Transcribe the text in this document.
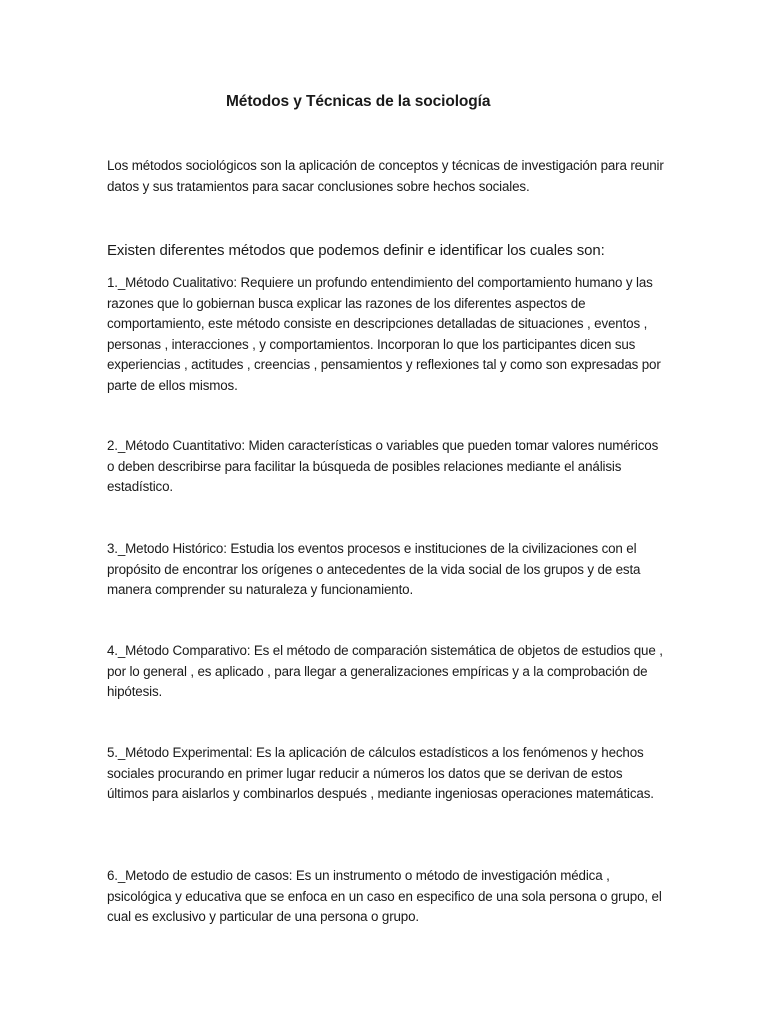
Métodos y Técnicas de la sociología

Los métodos sociológicos son la aplicación de conceptos y técnicas de investigación para reunir datos y sus tratamientos para sacar conclusiones sobre hechos sociales.

Existen diferentes métodos que podemos definir e identificar los cuales son:

1._Método Cualitativo: Requiere un profundo entendimiento del comportamiento humano y las razones que lo gobiernan busca explicar las razones de los diferentes aspectos de comportamiento, este método consiste en descripciones detalladas de situaciones , eventos , personas , interacciones , y comportamientos. Incorporan lo que los participantes dicen sus experiencias , actitudes , creencias , pensamientos y reflexiones tal y como son expresadas por parte de ellos mismos.

2._Método Cuantitativo: Miden características o variables que pueden tomar valores numéricos o deben describirse para facilitar la búsqueda de posibles relaciones mediante el análisis estadístico.

3._Metodo Histórico: Estudia los eventos procesos e instituciones de la civilizaciones con el propósito de encontrar los orígenes o antecedentes de la vida social de los grupos y de esta manera comprender su naturaleza y funcionamiento.

4._Método Comparativo: Es el método de comparación sistemática de objetos de estudios que , por lo general , es aplicado , para llegar a generalizaciones empíricas y a la comprobación de hipótesis.

5._Método Experimental: Es la aplicación de cálculos estadísticos a los fenómenos y hechos sociales procurando en primer lugar reducir a números los datos que se derivan de estos últimos para aislarlos y combinarlos después , mediante ingeniosas operaciones matemáticas.

6._Metodo de estudio de casos: Es un instrumento o método de investigación médica , psicológica y educativa que se enfoca en un caso en especifico de una sola persona o grupo, el cual es exclusivo y particular de una persona o grupo.
